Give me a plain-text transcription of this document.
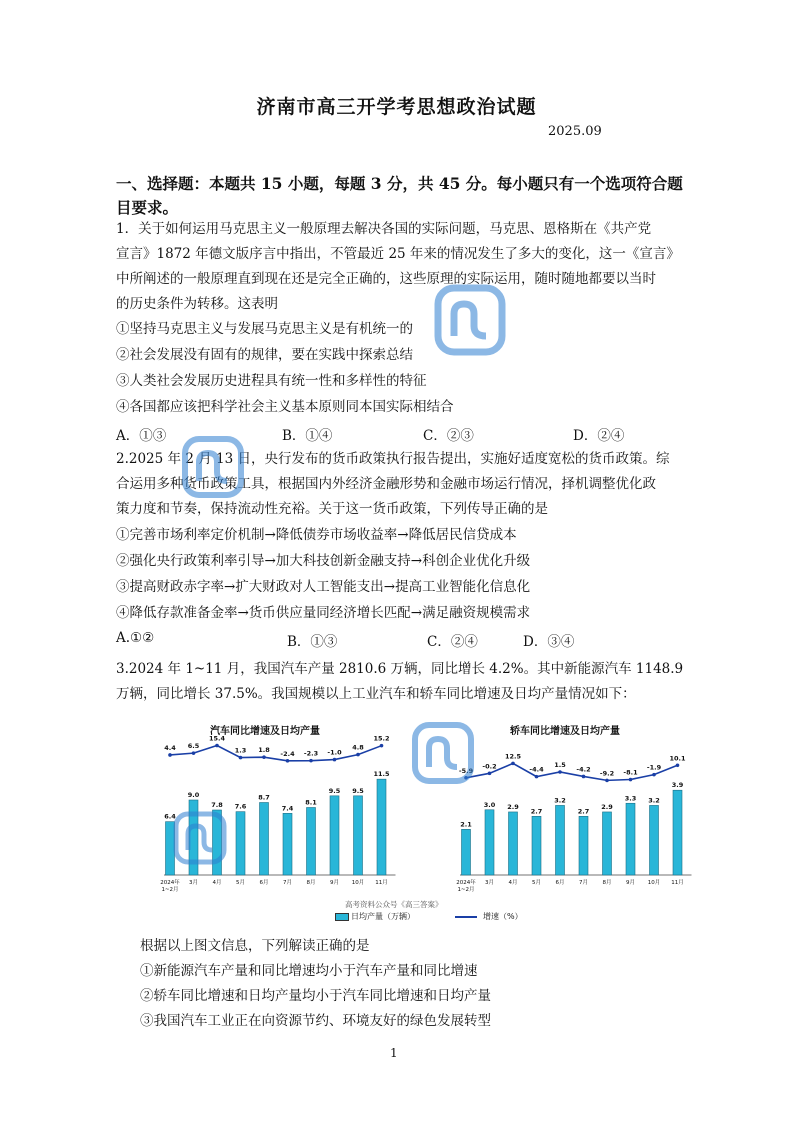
济南市高三开学考思想政治试题
2025.09
一、选择题：本题共 15 小题，每题 3 分，共 45 分。每小题只有一个选项符合题目要求。
1．关于如何运用马克思主义一般原理去解决各国的实际问题，马克思、恩格斯在《共产党
宣言》1872 年德文版序言中指出，不管最近 25 年来的情况发生了多大的变化，这一《宣言》
中所阐述的一般原理直到现在还是完全正确的，这些原理的实际运用，随时随地都要以当时
的历史条件为转移。这表明
①坚持马克思主义与发展马克思主义是有机统一的
②社会发展没有固有的规律，要在实践中探索总结
③人类社会发展历史进程具有统一性和多样性的特征
④各国都应该把科学社会主义基本原则同本国实际相结合
A．①③	B．①④	C．②③	D．②④
2.2025 年 2 月 13 日，央行发布的货币政策执行报告提出，实施好适度宽松的货币政策。综
合运用多种货币政策工具，根据国内外经济金融形势和金融市场运行情况，择机调整优化政
策力度和节奏，保持流动性充裕。关于这一货币政策，下列传导正确的是
①完善市场利率定价机制→降低债券市场收益率→降低居民信贷成本
②强化央行政策利率引导→加大科技创新金融支持→科创企业优化升级
③提高财政赤字率→扩大财政对人工智能支出→提高工业智能化信息化
④降低存款准备金率→货币供应量同经济增长匹配→满足融资规模需求
A.①②	B．①③	C．②④	D．③④
3.2024 年 1~11 月，我国汽车产量 2810.6 万辆，同比增长 4.2%。其中新能源汽车 1148.9
万辆，同比增长 37.5%。我国规模以上工业汽车和轿车同比增速及日均产量情况如下：
汽车同比增速及日均产量	轿车同比增速及日均产量
6.4
2024年
1~2月
9.0
3月
7.8
4月
7.6
5月
8.7
6月
7.4
7月
8.1
8月
9.5
9月
9.5
10月
11.5
11月
4.4 6.5
15.4
1.3 1.8 -2.4 -2.3 -1.0
4.8
15.2
2.1
2024年
1~2月
3.0
3月
2.9
4月
2.7
5月
3.2
6月
2.7
7月
2.9
8月
3.3
9月
3.2
10月
3.9
11月
-5.9
-0.2
12.5
-4.4
1.5
-4.2 -9.2 -8.1
-1.9
10.1
高考资料公众号《高三答案》
日均产量（万辆）	增速（%）
根据以上图文信息，下列解读正确的是
①新能源汽车产量和同比增速均小于汽车产量和同比增速
②轿车同比增速和日均产量均小于汽车同比增速和日均产量
③我国汽车工业正在向资源节约、环境友好的绿色发展转型
1
